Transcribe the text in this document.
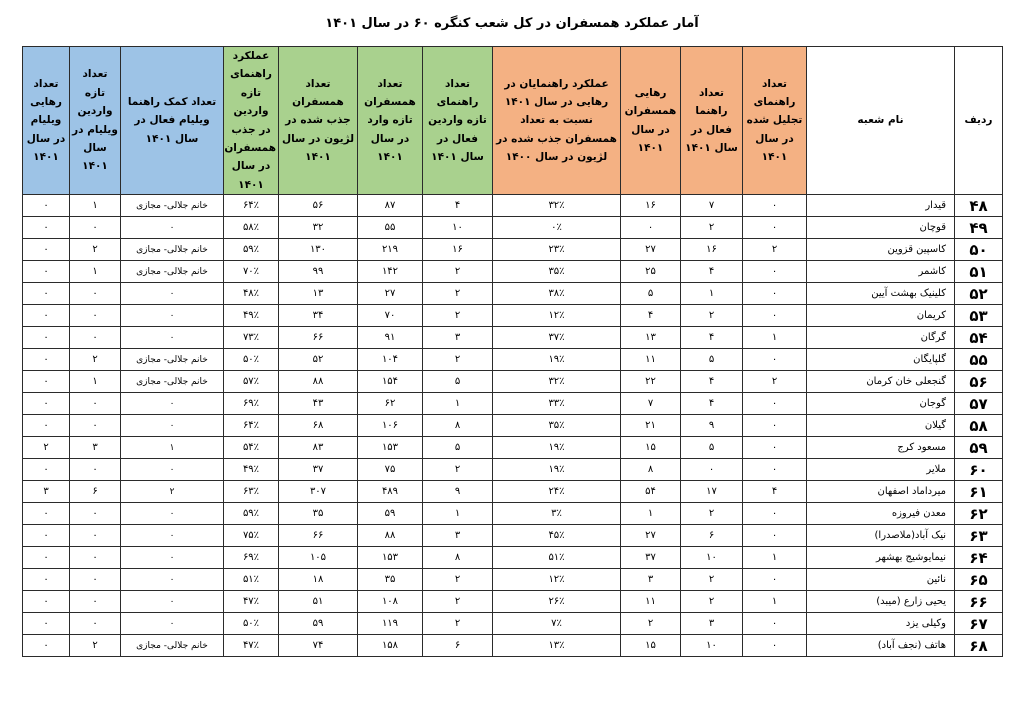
آمار عملکرد همسفران در کل شعب کنگره ۶۰ در سال ۱۴۰۱
ردیف	نام شعبه	تعداد راهنمای تجلیل شده در سال ۱۴۰۱	تعداد راهنما فعال در سال ۱۴۰۱	رهایی همسفران در سال ۱۴۰۱	عملکرد راهنمایان در رهایی در سال ۱۴۰۱ نسبت به تعداد همسفران جذب شده در لژیون در سال ۱۴۰۰	تعداد راهنمای تازه واردین فعال در سال ۱۴۰۱	تعداد همسفران تازه وارد در سال ۱۴۰۱	تعداد همسفران جذب شده در لژیون در سال ۱۴۰۱	عملکرد راهنمای تازه واردین در جذب همسفران در سال ۱۴۰۱	تعداد کمک راهنما ویلیام فعال در سال ۱۴۰۱	تعداد تازه واردین ویلیام در سال ۱۴۰۱	تعداد رهایی ویلیام در سال ۱۴۰۱
۴۸	قیدار	۰	۷	۱۶	۳۲٪	۴	۸۷	۵۶	۶۴٪	خانم جلالی- مجازی	۱	۰
۴۹	قوچان	۰	۲	۰	۰٪	۱۰	۵۵	۳۲	۵۸٪	۰	۰	۰
۵۰	کاسپین قزوین	۲	۱۶	۲۷	۲۳٪	۱۶	۲۱۹	۱۳۰	۵۹٪	خانم جلالی- مجازی	۲	۰
۵۱	کاشمر	۰	۴	۲۵	۳۵٪	۲	۱۴۲	۹۹	۷۰٪	خانم جلالی- مجازی	۱	۰
۵۲	کلینیک بهشت آیین	۰	۱	۵	۳۸٪	۲	۲۷	۱۳	۴۸٪	۰	۰	۰
۵۳	کریمان	۰	۲	۴	۱۲٪	۲	۷۰	۳۴	۴۹٪	۰	۰	۰
۵۴	گرگان	۱	۴	۱۳	۳۷٪	۳	۹۱	۶۶	۷۳٪	۰	۰	۰
۵۵	گلپایگان	۰	۵	۱۱	۱۹٪	۲	۱۰۴	۵۲	۵۰٪	خانم جلالی- مجازی	۲	۰
۵۶	گنجعلی خان کرمان	۲	۴	۲۲	۳۲٪	۵	۱۵۴	۸۸	۵۷٪	خانم جلالی- مجازی	۱	۰
۵۷	گوجان	۰	۴	۷	۳۳٪	۱	۶۲	۴۳	۶۹٪	۰	۰	۰
۵۸	گیلان	۰	۹	۲۱	۳۵٪	۸	۱۰۶	۶۸	۶۴٪	۰	۰	۰
۵۹	مسعود کرج	۰	۵	۱۵	۱۹٪	۵	۱۵۳	۸۳	۵۴٪	۱	۳	۲
۶۰	ملایر	۰	۰	۸	۱۹٪	۲	۷۵	۳۷	۴۹٪	۰	۰	۰
۶۱	میرداماد اصفهان	۴	۱۷	۵۴	۲۴٪	۹	۴۸۹	۳۰۷	۶۳٪	۲	۶	۳
۶۲	معدن فیروزه	۰	۲	۱	۳٪	۱	۵۹	۳۵	۵۹٪	۰	۰	۰
۶۳	نیک آباد(ملاصدرا)	۰	۶	۲۷	۴۵٪	۳	۸۸	۶۶	۷۵٪	۰	۰	۰
۶۴	نیمایوشیج بهشهر	۱	۱۰	۳۷	۵۱٪	۸	۱۵۳	۱۰۵	۶۹٪	۰	۰	۰
۶۵	نائین	۰	۲	۳	۱۲٪	۲	۳۵	۱۸	۵۱٪	۰	۰	۰
۶۶	یحیی زارع (میبد)	۱	۲	۱۱	۲۶٪	۲	۱۰۸	۵۱	۴۷٪	۰	۰	۰
۶۷	وکیلی یزد	۰	۳	۲	۷٪	۲	۱۱۹	۵۹	۵۰٪	۰	۰	۰
۶۸	هاتف (نجف آباد)	۰	۱۰	۱۵	۱۳٪	۶	۱۵۸	۷۴	۴۷٪	خانم جلالی- مجازی	۲	۰
